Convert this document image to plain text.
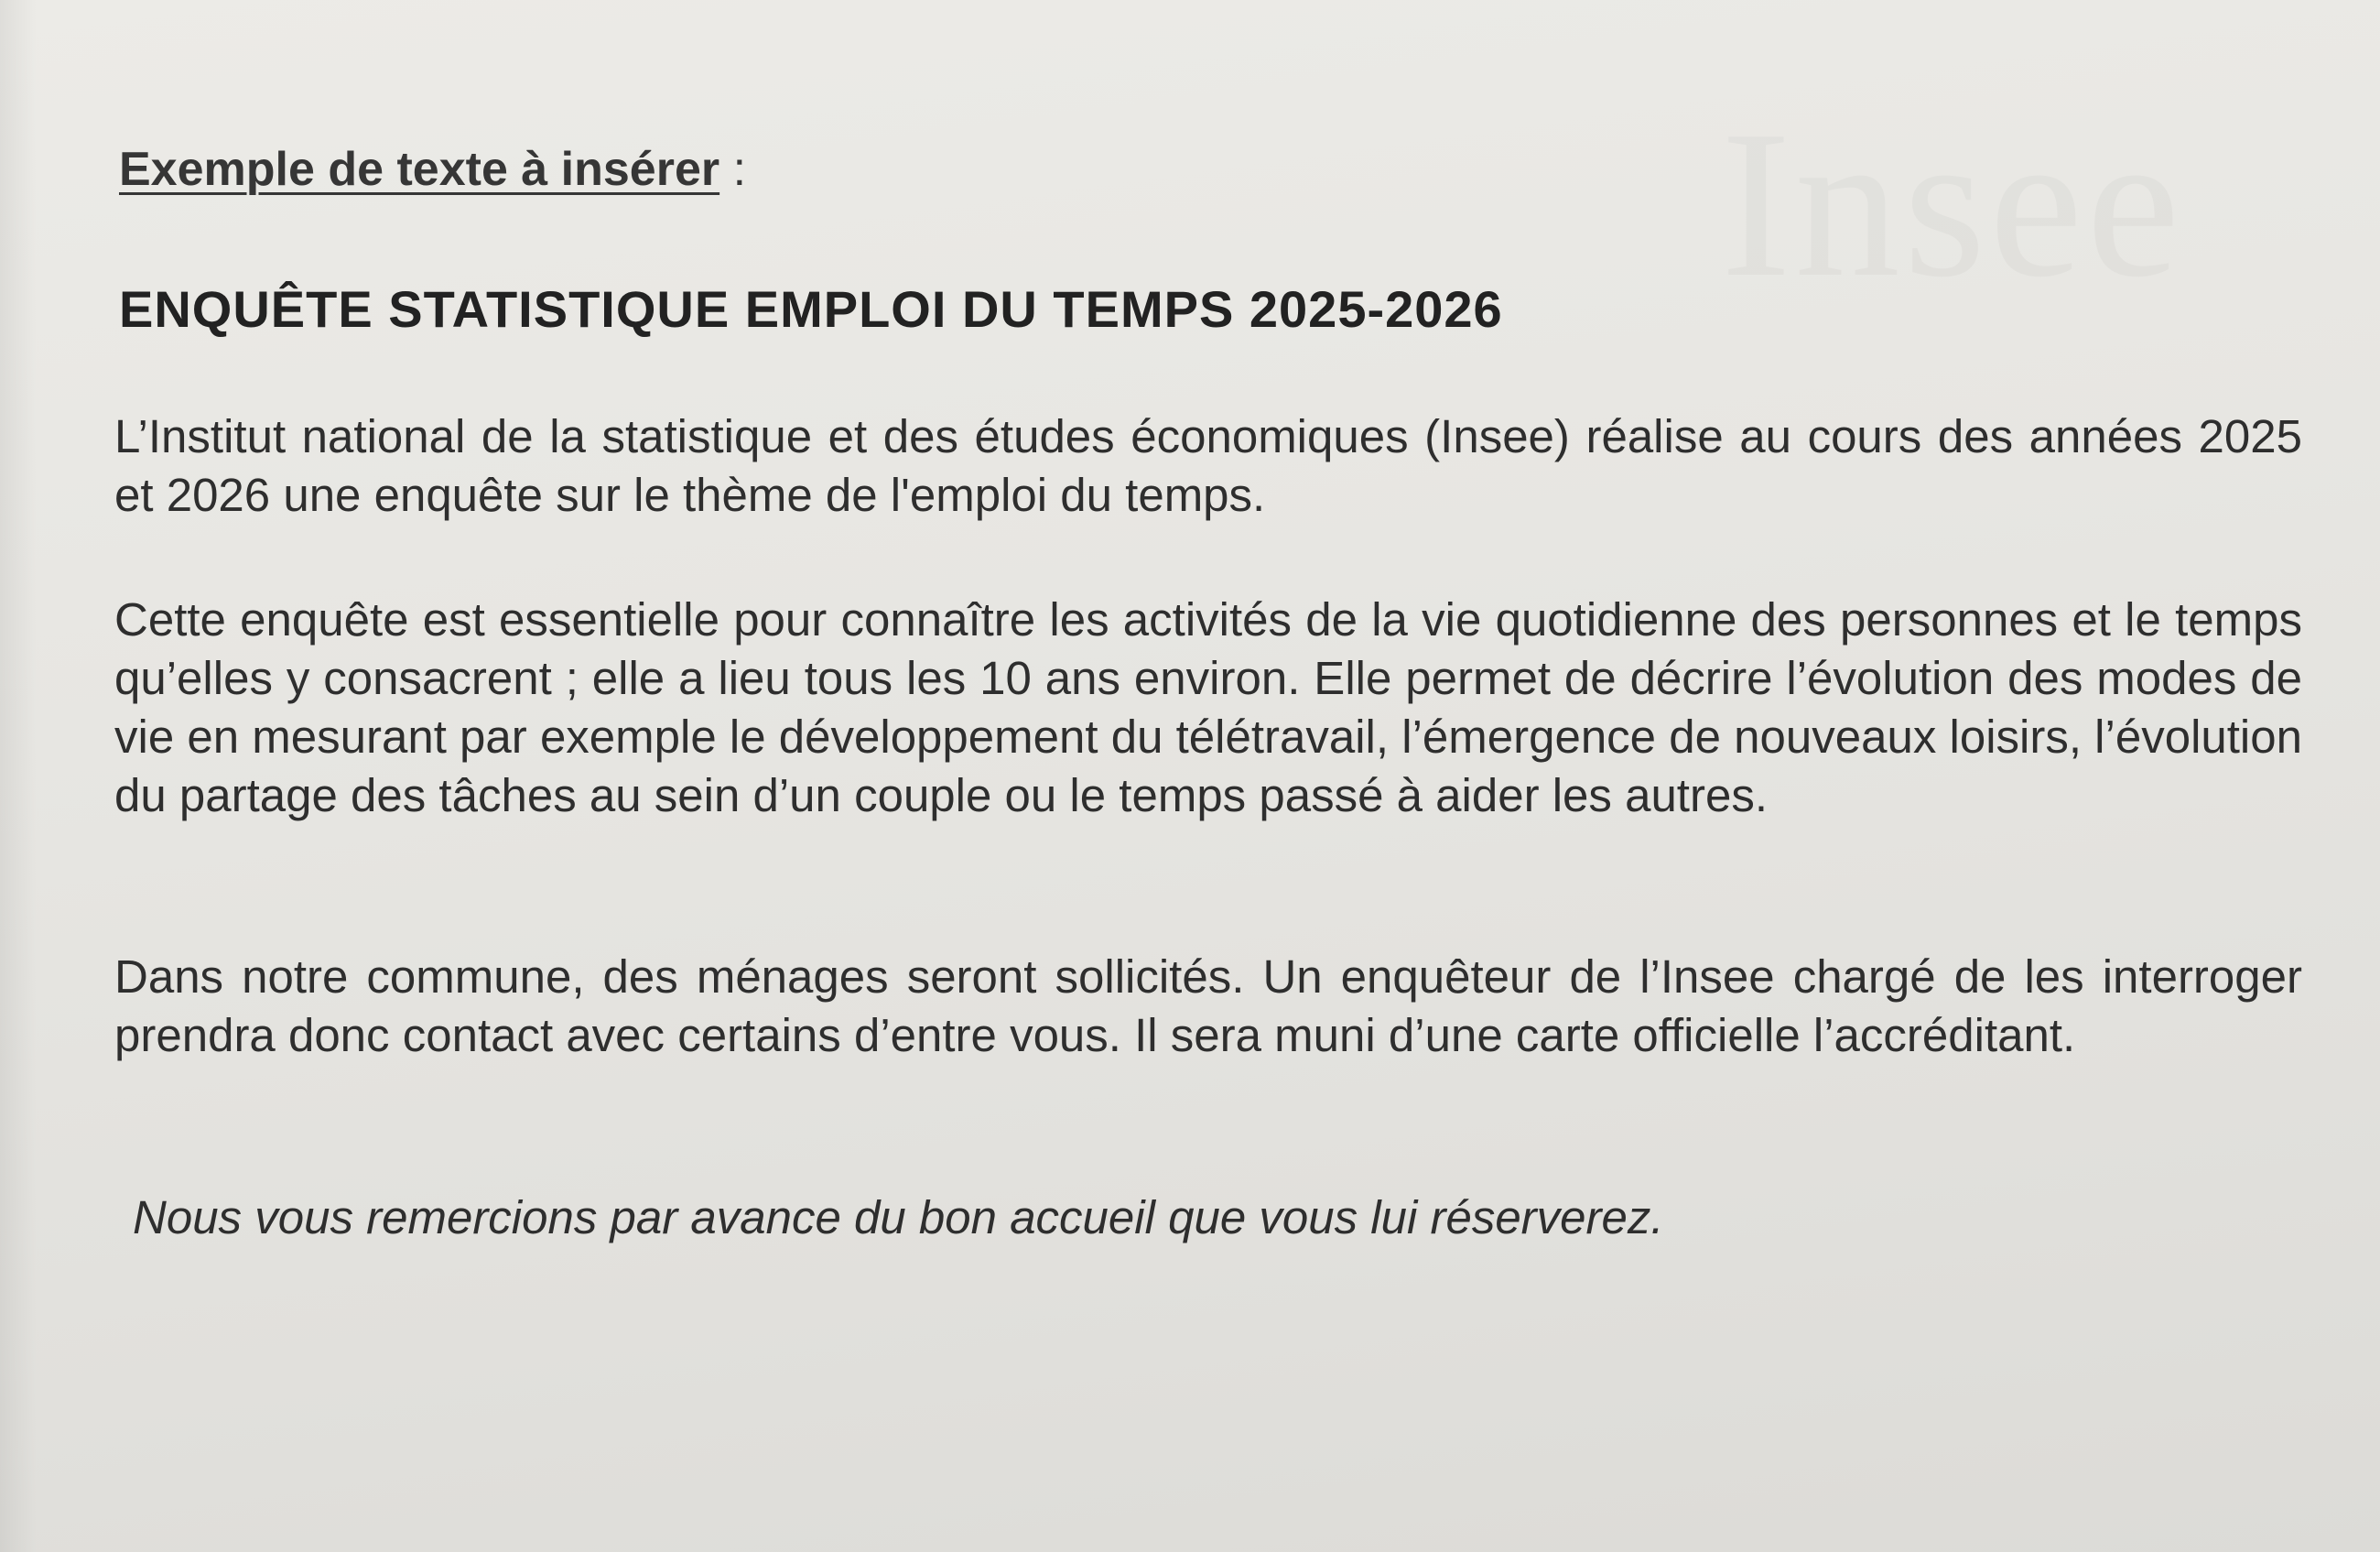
Insee
Exemple de texte à insérer :
ENQUÊTE STATISTIQUE EMPLOI DU TEMPS 2025-2026
L’Institut national de la statistique et des études économiques (Insee) réalise au cours des années 2025 et 2026 une enquête sur le thème de l'emploi du temps.
Cette enquête est essentielle pour connaître les activités de la vie quotidienne des personnes et le temps qu’elles y consacrent ; elle a lieu tous les 10 ans environ. Elle permet de décrire l’évolution des modes de vie en mesurant par exemple le développement du télétravail, l’émergence de nouveaux loisirs, l’évolution du partage des tâches au sein d’un couple ou le temps passé à aider les autres.
Dans notre commune, des ménages seront sollicités. Un enquêteur de l’Insee chargé de les interroger prendra donc contact avec certains d’entre vous. Il sera muni d’une carte officielle l’accréditant.
Nous vous remercions par avance du bon accueil que vous lui réserverez.
